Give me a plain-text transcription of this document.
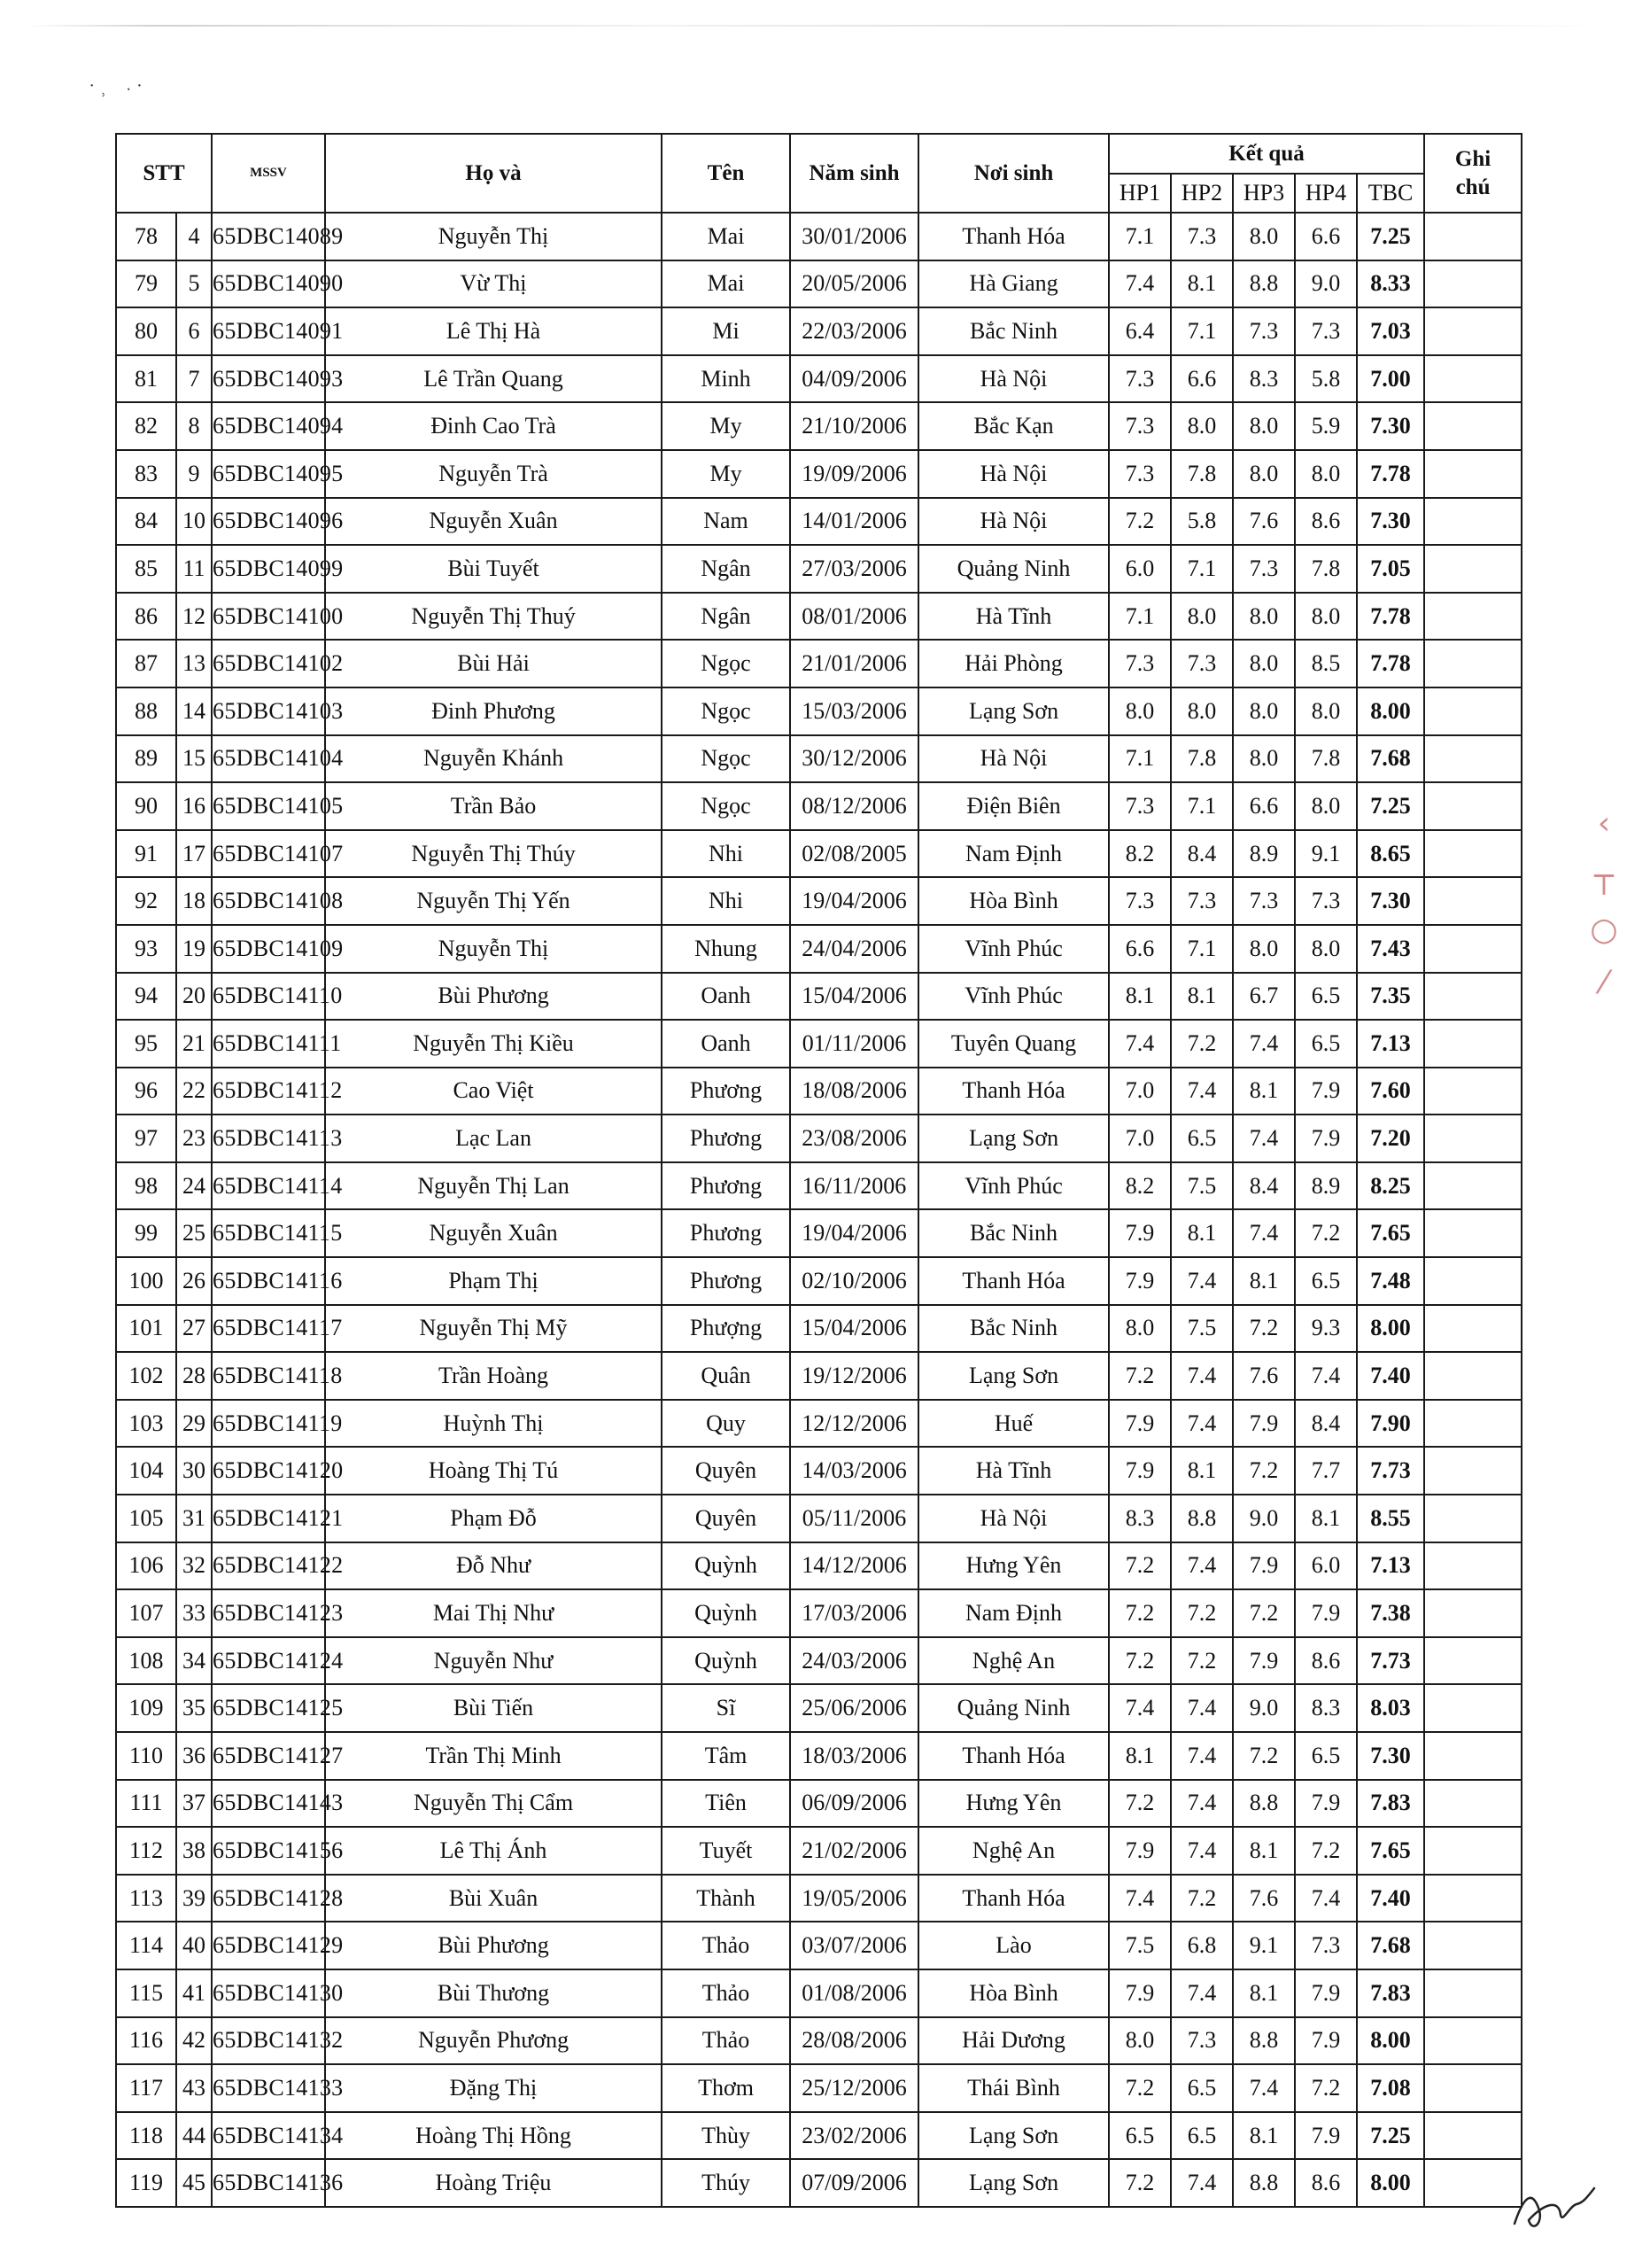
˙ ˒    ˑ ˙
STT		MSSV	Họ và	Tên	Năm sinh	Nơi sinh	Kết quả					Ghi chú
							HP1	HP2	HP3	HP4	TBC	
78	4	65DBC14089	Nguyễn Thị	Mai	30/01/2006	Thanh Hóa	7.1	7.3	8.0	6.6	7.25	
79	5	65DBC14090	Vừ Thị	Mai	20/05/2006	Hà Giang	7.4	8.1	8.8	9.0	8.33	
80	6	65DBC14091	Lê Thị Hà	Mi	22/03/2006	Bắc Ninh	6.4	7.1	7.3	7.3	7.03	
81	7	65DBC14093	Lê Trần Quang	Minh	04/09/2006	Hà Nội	7.3	6.6	8.3	5.8	7.00	
82	8	65DBC14094	Đinh Cao Trà	My	21/10/2006	Bắc Kạn	7.3	8.0	8.0	5.9	7.30	
83	9	65DBC14095	Nguyễn Trà	My	19/09/2006	Hà Nội	7.3	7.8	8.0	8.0	7.78	
84	10	65DBC14096	Nguyễn Xuân	Nam	14/01/2006	Hà Nội	7.2	5.8	7.6	8.6	7.30	
85	11	65DBC14099	Bùi Tuyết	Ngân	27/03/2006	Quảng Ninh	6.0	7.1	7.3	7.8	7.05	
86	12	65DBC14100	Nguyễn Thị Thuý	Ngân	08/01/2006	Hà Tĩnh	7.1	8.0	8.0	8.0	7.78	
87	13	65DBC14102	Bùi Hải	Ngọc	21/01/2006	Hải Phòng	7.3	7.3	8.0	8.5	7.78	
88	14	65DBC14103	Đinh Phương	Ngọc	15/03/2006	Lạng Sơn	8.0	8.0	8.0	8.0	8.00	
89	15	65DBC14104	Nguyễn Khánh	Ngọc	30/12/2006	Hà Nội	7.1	7.8	8.0	7.8	7.68	
90	16	65DBC14105	Trần Bảo	Ngọc	08/12/2006	Điện Biên	7.3	7.1	6.6	8.0	7.25	
91	17	65DBC14107	Nguyễn Thị Thúy	Nhi	02/08/2005	Nam Định	8.2	8.4	8.9	9.1	8.65	
92	18	65DBC14108	Nguyễn Thị Yến	Nhi	19/04/2006	Hòa Bình	7.3	7.3	7.3	7.3	7.30	
93	19	65DBC14109	Nguyễn Thị	Nhung	24/04/2006	Vĩnh Phúc	6.6	7.1	8.0	8.0	7.43	
94	20	65DBC14110	Bùi Phương	Oanh	15/04/2006	Vĩnh Phúc	8.1	8.1	6.7	6.5	7.35	
95	21	65DBC14111	Nguyễn Thị Kiều	Oanh	01/11/2006	Tuyên Quang	7.4	7.2	7.4	6.5	7.13	
96	22	65DBC14112	Cao Việt	Phương	18/08/2006	Thanh Hóa	7.0	7.4	8.1	7.9	7.60	
97	23	65DBC14113	Lạc Lan	Phương	23/08/2006	Lạng Sơn	7.0	6.5	7.4	7.9	7.20	
98	24	65DBC14114	Nguyễn Thị Lan	Phương	16/11/2006	Vĩnh Phúc	8.2	7.5	8.4	8.9	8.25	
99	25	65DBC14115	Nguyễn Xuân	Phương	19/04/2006	Bắc Ninh	7.9	8.1	7.4	7.2	7.65	
100	26	65DBC14116	Phạm Thị	Phương	02/10/2006	Thanh Hóa	7.9	7.4	8.1	6.5	7.48	
101	27	65DBC14117	Nguyễn Thị Mỹ	Phượng	15/04/2006	Bắc Ninh	8.0	7.5	7.2	9.3	8.00	
102	28	65DBC14118	Trần Hoàng	Quân	19/12/2006	Lạng Sơn	7.2	7.4	7.6	7.4	7.40	
103	29	65DBC14119	Huỳnh Thị	Quy	12/12/2006	Huế	7.9	7.4	7.9	8.4	7.90	
104	30	65DBC14120	Hoàng Thị Tú	Quyên	14/03/2006	Hà Tĩnh	7.9	8.1	7.2	7.7	7.73	
105	31	65DBC14121	Phạm Đỗ	Quyên	05/11/2006	Hà Nội	8.3	8.8	9.0	8.1	8.55	
106	32	65DBC14122	Đỗ Như	Quỳnh	14/12/2006	Hưng Yên	7.2	7.4	7.9	6.0	7.13	
107	33	65DBC14123	Mai Thị Như	Quỳnh	17/03/2006	Nam Định	7.2	7.2	7.2	7.9	7.38	
108	34	65DBC14124	Nguyễn Như	Quỳnh	24/03/2006	Nghệ An	7.2	7.2	7.9	8.6	7.73	
109	35	65DBC14125	Bùi Tiến	Sĩ	25/06/2006	Quảng Ninh	7.4	7.4	9.0	8.3	8.03	
110	36	65DBC14127	Trần Thị Minh	Tâm	18/03/2006	Thanh Hóa	8.1	7.4	7.2	6.5	7.30	
111	37	65DBC14143	Nguyễn Thị Cẩm	Tiên	06/09/2006	Hưng Yên	7.2	7.4	8.8	7.9	7.83	
112	38	65DBC14156	Lê Thị Ánh	Tuyết	21/02/2006	Nghệ An	7.9	7.4	8.1	7.2	7.65	
113	39	65DBC14128	Bùi Xuân	Thành	19/05/2006	Thanh Hóa	7.4	7.2	7.6	7.4	7.40	
114	40	65DBC14129	Bùi Phương	Thảo	03/07/2006	Lào	7.5	6.8	9.1	7.3	7.68	
115	41	65DBC14130	Bùi Thương	Thảo	01/08/2006	Hòa Bình	7.9	7.4	8.1	7.9	7.83	
116	42	65DBC14132	Nguyễn Phương	Thảo	28/08/2006	Hải Dương	8.0	7.3	8.8	7.9	8.00	
117	43	65DBC14133	Đặng Thị	Thơm	25/12/2006	Thái Bình	7.2	6.5	7.4	7.2	7.08	
118	44	65DBC14134	Hoàng Thị Hồng	Thùy	23/02/2006	Lạng Sơn	6.5	6.5	8.1	7.9	7.25	
119	45	65DBC14136	Hoàng Triệu	Thúy	07/09/2006	Lạng Sơn	7.2	7.4	8.8	8.6	8.00	
‹
┬
○
⁄
